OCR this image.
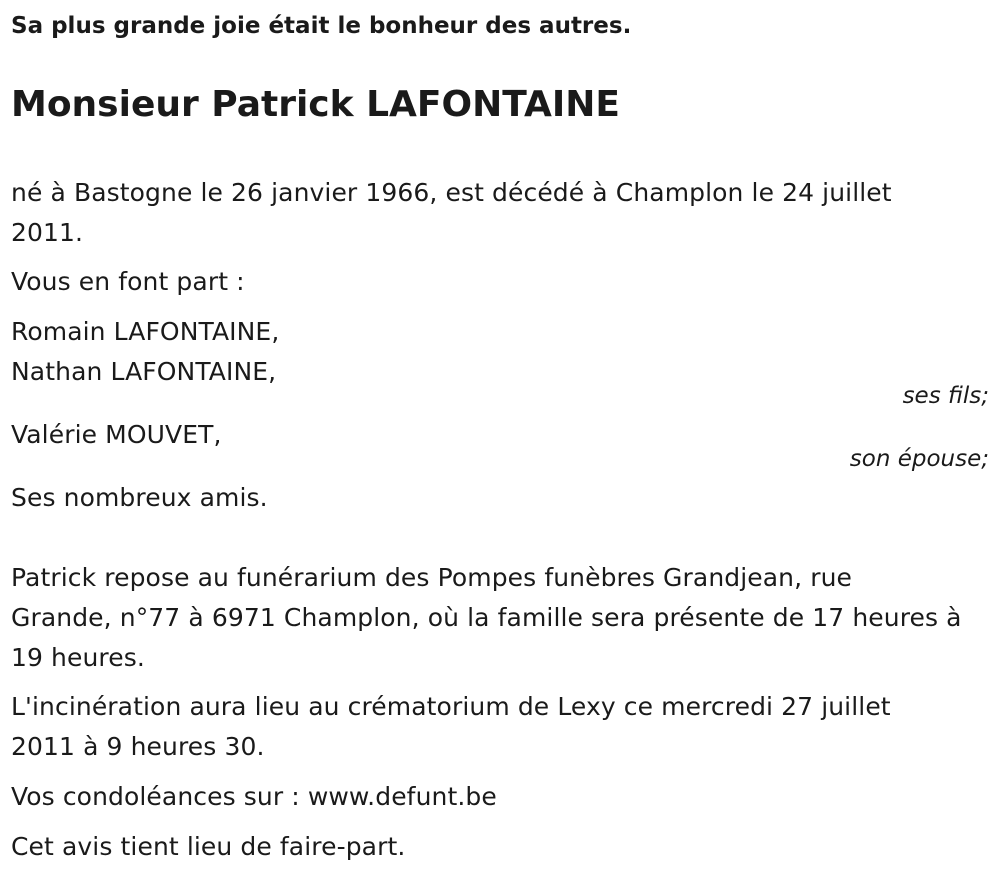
Sa plus grande joie était le bonheur des autres.

Monsieur Patrick LAFONTAINE

né à Bastogne le 26 janvier 1966, est décédé à Champlon le 24 juillet

2011.

Vous en font part :

Romain LAFONTAINE,

Nathan LAFONTAINE,

ses fils;

Valérie MOUVET,

son épouse;

Ses nombreux amis.

Patrick repose au funérarium des Pompes funèbres Grandjean, rue

Grande, n°77 à 6971 Champlon, où la famille sera présente de 17 heures à

19 heures.

L'incinération aura lieu au crématorium de Lexy ce mercredi 27 juillet

2011 à 9 heures 30.

Vos condoléances sur : www.defunt.be

Cet avis tient lieu de faire-part.
